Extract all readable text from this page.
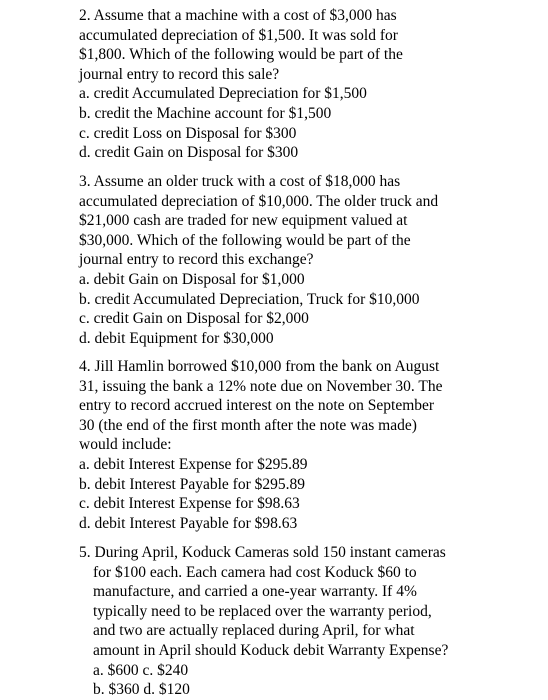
2. Assume that a machine with a cost of $3,000 has
accumulated depreciation of $1,500. It was sold for
$1,800. Which of the following would be part of the
journal entry to record this sale?
a. credit Accumulated Depreciation for $1,500
b. credit the Machine account for $1,500
c. credit Loss on Disposal for $300
d. credit Gain on Disposal for $300
3. Assume an older truck with a cost of $18,000 has
accumulated depreciation of $10,000. The older truck and
$21,000 cash are traded for new equipment valued at
$30,000. Which of the following would be part of the
journal entry to record this exchange?
a. debit Gain on Disposal for $1,000
b. credit Accumulated Depreciation, Truck for $10,000
c. credit Gain on Disposal for $2,000
d. debit Equipment for $30,000
4. Jill Hamlin borrowed $10,000 from the bank on August
31, issuing the bank a 12% note due on November 30. The
entry to record accrued interest on the note on September
30 (the end of the first month after the note was made)
would include:
a. debit Interest Expense for $295.89
b. debit Interest Payable for $295.89
c. debit Interest Expense for $98.63
d. debit Interest Payable for $98.63
5. During April, Koduck Cameras sold 150 instant cameras
for $100 each. Each camera had cost Koduck $60 to
manufacture, and carried a one-year warranty. If 4%
typically need to be replaced over the warranty period,
and two are actually replaced during April, for what
amount in April should Koduck debit Warranty Expense?
a. $600 c. $240
b. $360 d. $120
